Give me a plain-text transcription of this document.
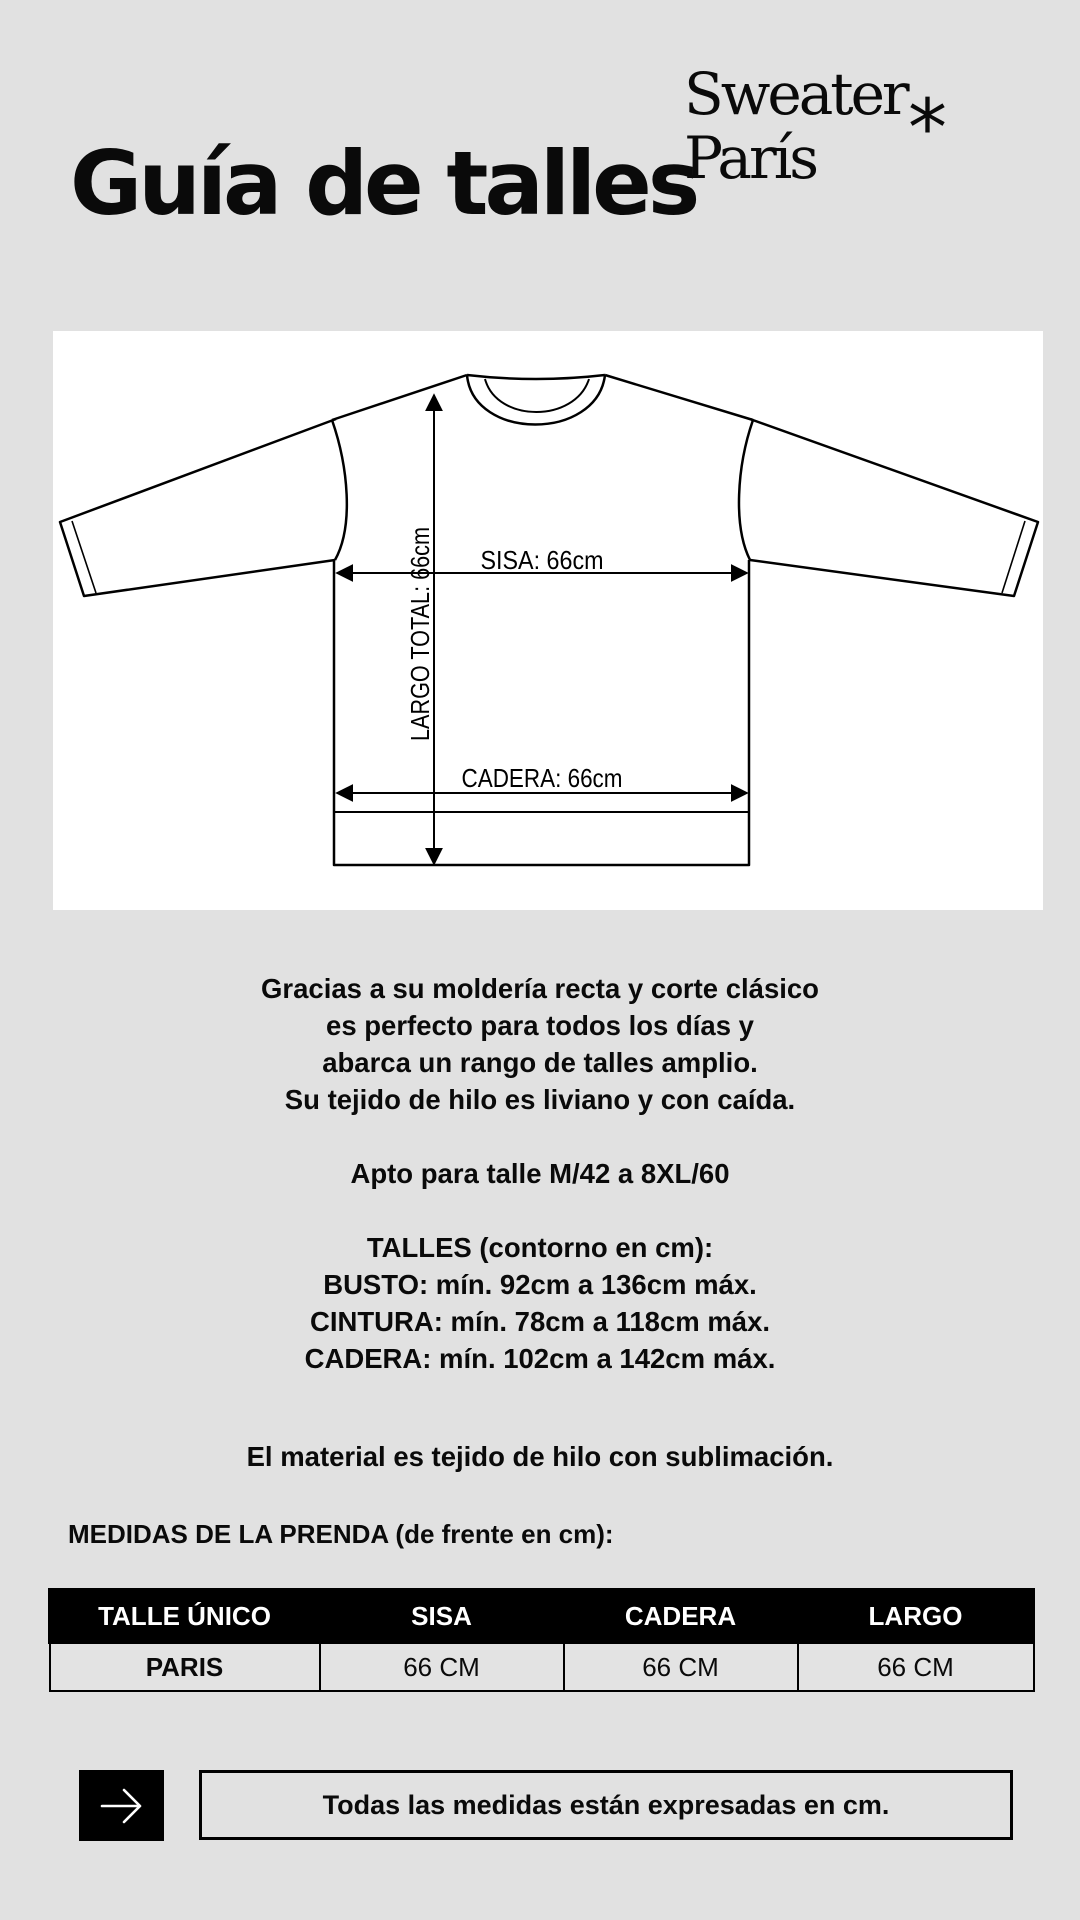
Guía de talles
Sweater
París	*
SISA: 66cm
CADERA: 66cm
LARGO TOTAL: 66cm

Gracias a su moldería recta y corte clásico

es perfecto para todos los días y

abarca un rango de talles amplio.

Su tejido de hilo es liviano y con caída.

Apto para talle M/42 a 8XL/60

TALLES (contorno en cm):

BUSTO: mín. 92cm a 136cm máx.

CINTURA: mín. 78cm a 118cm máx.

CADERA: mín. 102cm a 142cm máx.

El material es tejido de hilo con sublimación.

MEDIDAS DE LA PRENDA (de frente en cm):
TALLE ÚNICO	SISA	CADERA	LARGO
PARIS	66 CM	66 CM	66 CM
Todas las medidas están expresadas en cm.
